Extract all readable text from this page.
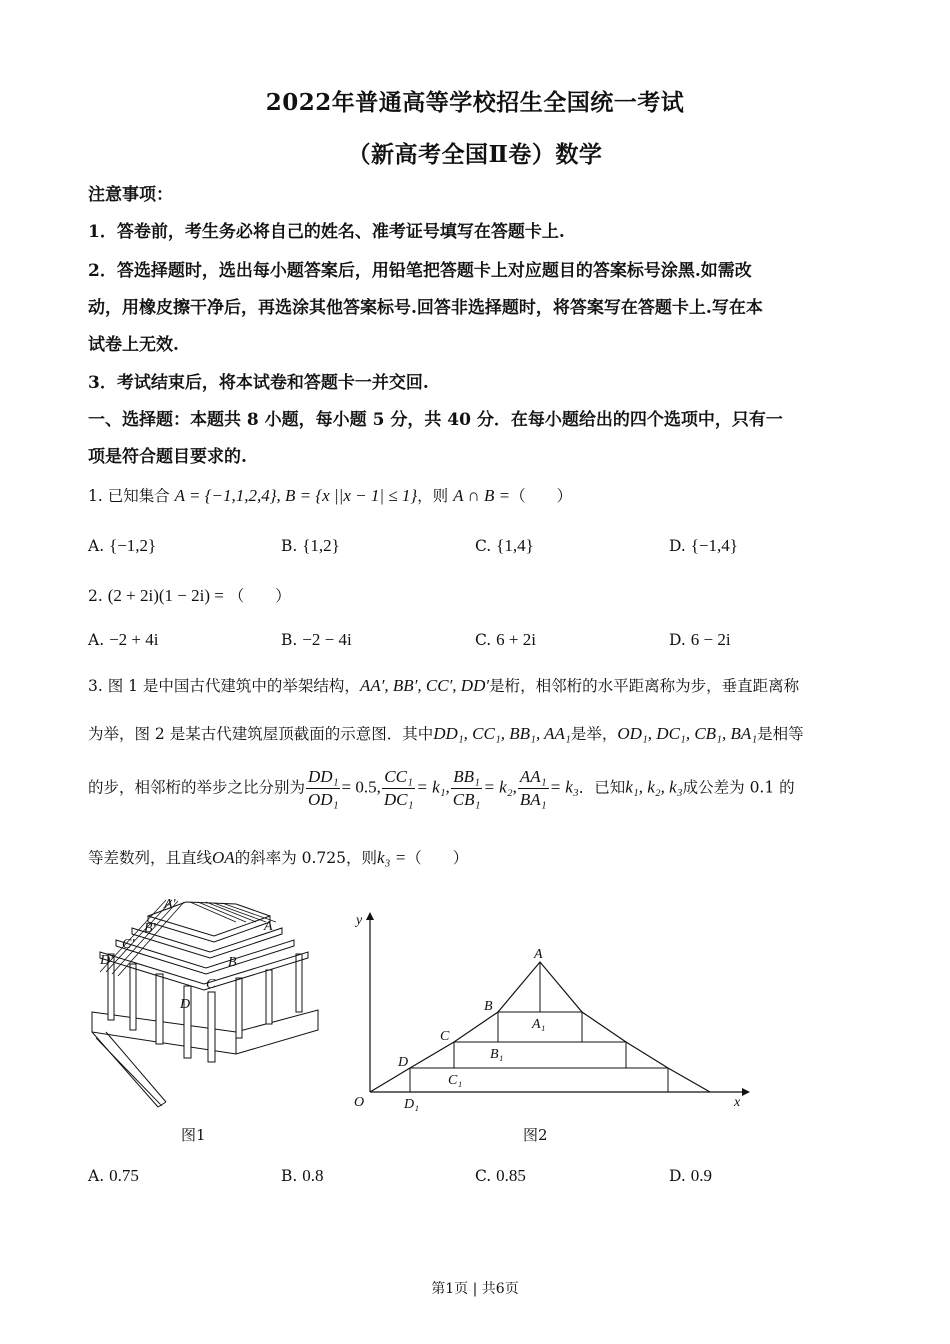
2022年普通高等学校招生全国统一考试
（新高考全国Ⅱ卷）数学
注意事项：
1．答卷前，考生务必将自己的姓名、准考证号填写在答题卡上.
2．答选择题时，选出每小题答案后，用铅笔把答题卡上对应题目的答案标号涂黑.如需改
动，用橡皮擦干净后，再选涂其他答案标号.回答非选择题时，将答案写在答题卡上.写在本
试卷上无效.
3．考试结束后，将本试卷和答题卡一并交回.
一、选择题：本题共 8 小题，每小题 5 分，共 40 分．在每小题给出的四个选项中，只有一
项是符合题目要求的.
1. 已知集合 A = {−1,1,2,4}, B = {x ||x − 1| ≤ 1}，则 A ∩ B =（　　）
A. {−1,2}	B. {1,2}	C. {1,4}	D. {−1,4}
2. (2 + 2i)(1 − 2i) = （　　）
A. −2 + 4i	B. −2 − 4i	C. 6 + 2i	D. 6 − 2i
3. 图 1 是中国古代建筑中的举架结构，AA′, BB′, CC′, DD′是桁，相邻桁的水平距离称为步，垂直距离称
为举，图 2 是某古代建筑屋顶截面的示意图．其中DD₁, CC₁, BB₁, AA₁是举，OD₁, DC₁, CB₁, BA₁是相等
的步，相邻桁的举步之比分别为 $\frac{\text{DD₁}}{\text{OD₁}} = 0.5$, $\frac{\text{CC₁}}{\text{DC₁}} = k_1$, $\frac{\text{BB₁}}{\text{CB₁}} = k_2$, $\frac{\text{AA₁}}{\text{BA₁}} = k_3$．已知k₁, k₂, k₃成公差为 0.1 的
等差数列，且直线OA的斜率为 0.725，则k₃ =（　　）
A′
B′
C′
D′
A
B
C
D
图1
y
x
O
A
B
C
D
A₁
B₁
C₁
D₁
图2
A. 0.75	B. 0.8	C. 0.85	D. 0.9
第1页 | 共6页
